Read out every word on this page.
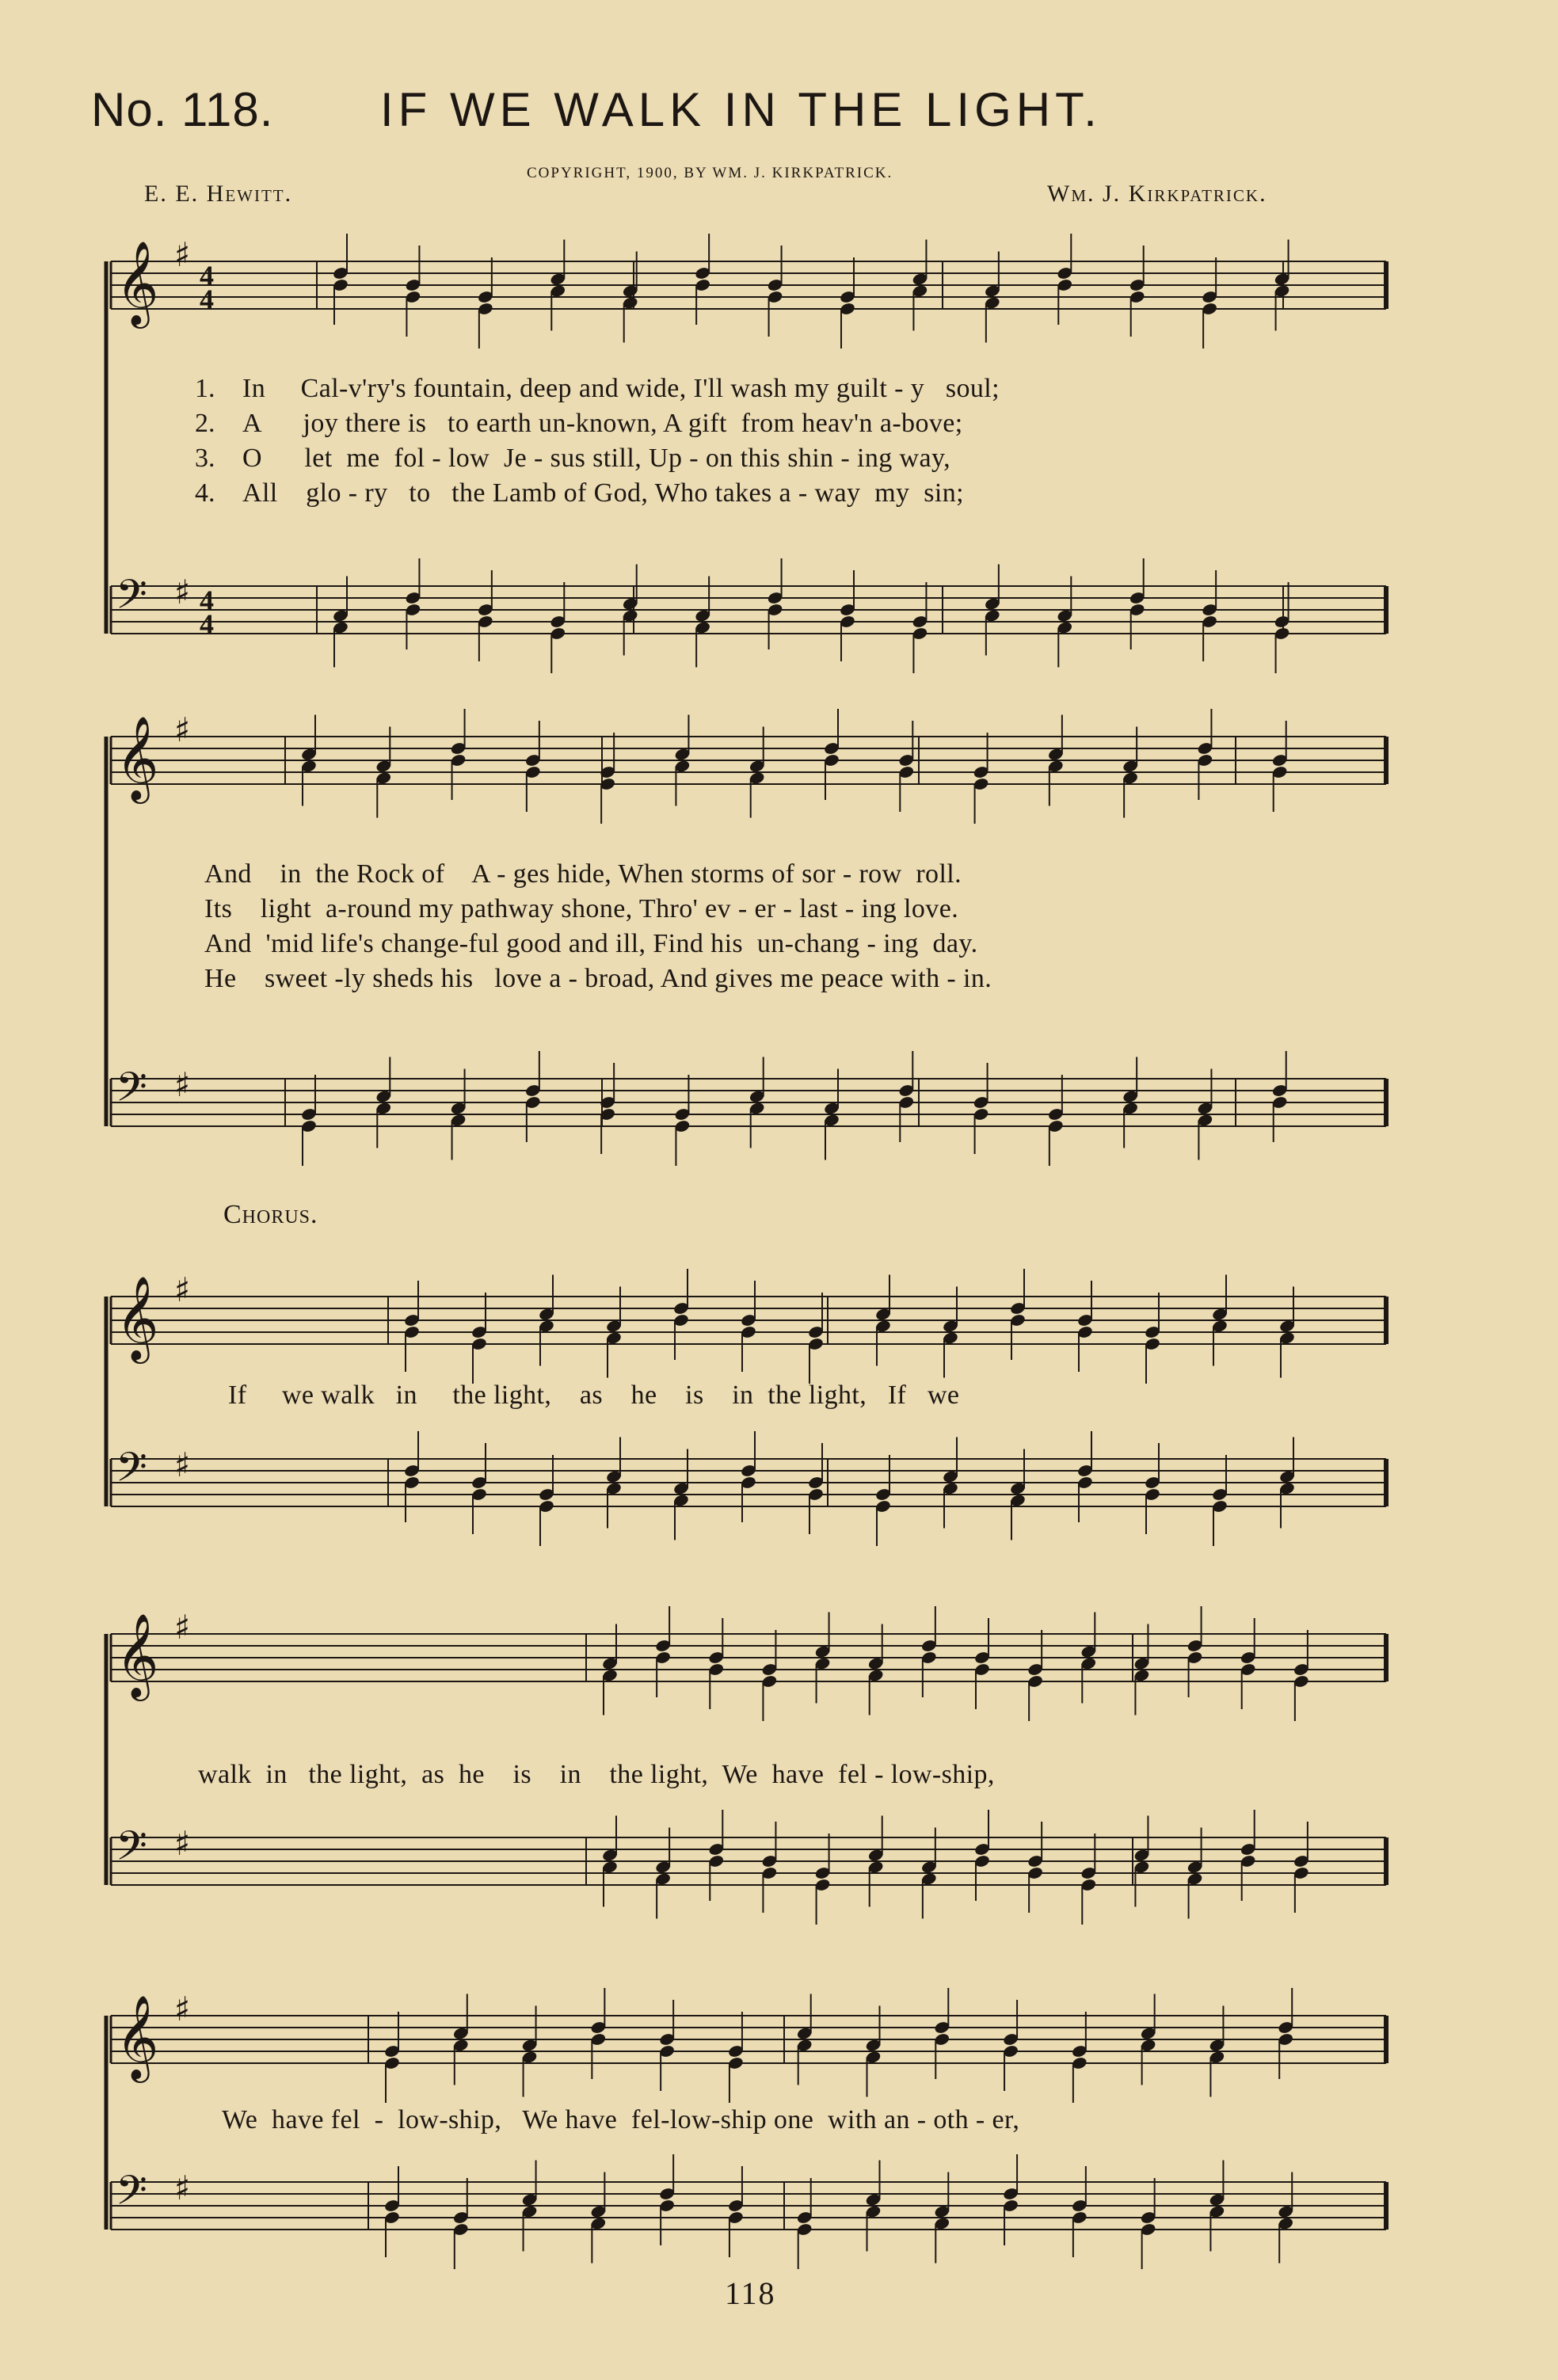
No. 118. IF WE WALK IN THE LIGHT.
COPYRIGHT, 1900, BY WM. J. KIRKPATRICK.
E. E. Hewitt.	Wm. J. Kirkpatrick.
𝄞 ♯
4
4
𝄢 ♯ 4
4
𝄞 ♯
𝄢 ♯
𝄞 ♯
𝄢 ♯
𝄞 ♯
𝄢 ♯
𝄞 ♯
𝄢 ♯
1. In     Cal-v'ry's fountain, deep and wide, I'll wash my guilt - y   soul;
2. A      joy there is   to earth un-known, A gift  from heav'n a-bove;
3. O      let  me  fol - low  Je - sus still, Up - on this shin - ing way,
4. All    glo - ry   to   the Lamb of God, Who takes a - way  my  sin;
And    in  the Rock of    A - ges hide, When storms of sor - row  roll.
Its    light  a-round my pathway shone, Thro' ev - er - last - ing love.
And  'mid life's change-ful good and ill, Find his  un-chang - ing  day.
He    sweet -ly sheds his   love a - broad, And gives me peace with - in.
Chorus.
If     we walk   in     the light,    as    he    is    in  the light,   If   we
walk  in   the light,  as  he    is    in    the light,  We  have  fel - low-ship,
We  have fel  -  low-ship,   We have  fel-low-ship one  with an - oth - er,
118
